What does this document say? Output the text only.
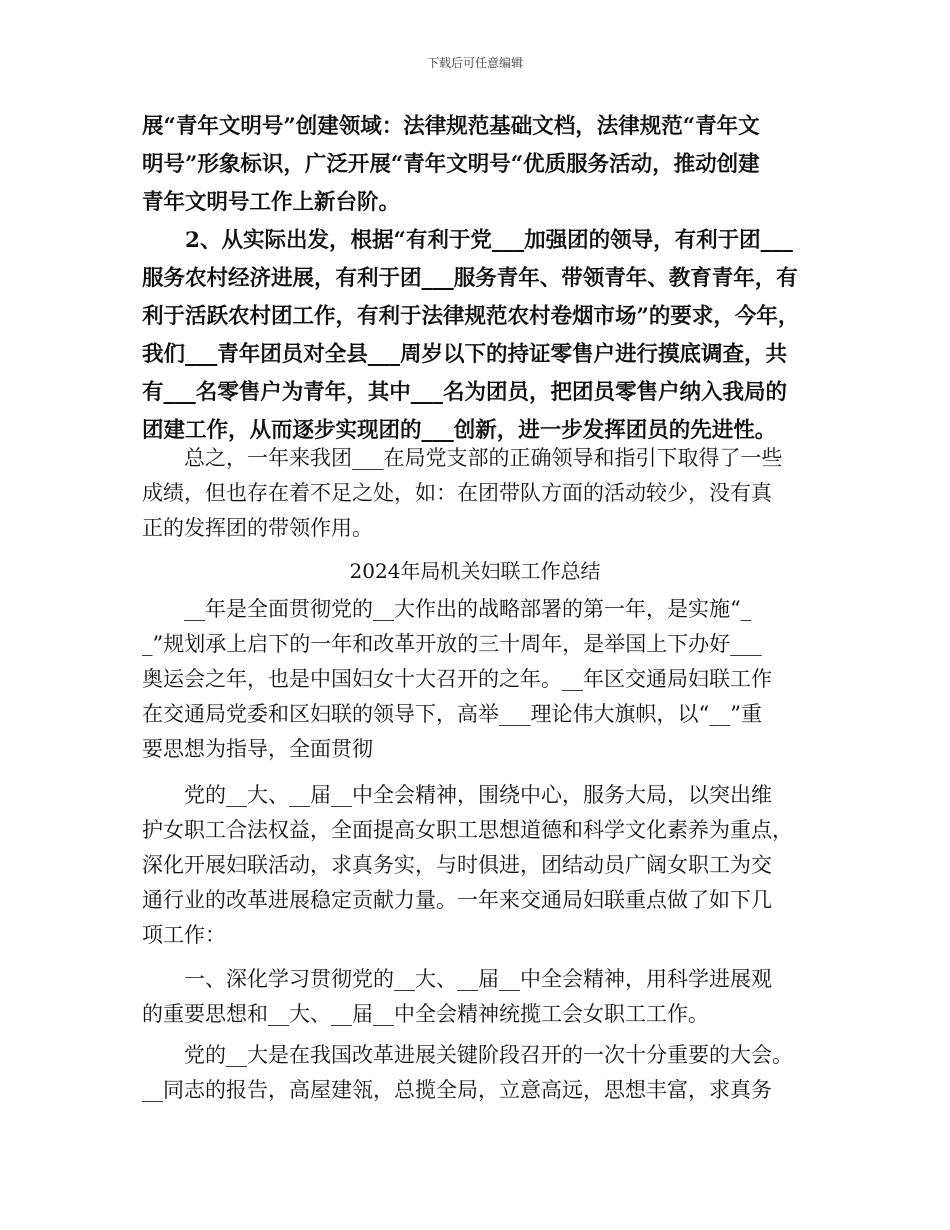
下载后可任意编辑
展“青年文明号”创建领域：法律规范基础文档，法律规范“青年文
明号”形象标识，广泛开展“青年文明号“优质服务活动，推动创建
青年文明号工作上新台阶。
　　2、从实际出发，根据“有利于党___加强团的领导，有利于团___
服务农村经济进展，有利于团___服务青年、带领青年、教育青年，有
利于活跃农村团工作，有利于法律规范农村卷烟市场”的要求，今年，
我们___青年团员对全县___周岁以下的持证零售户进行摸底调查，共
有___名零售户为青年，其中___名为团员，把团员零售户纳入我局的
团建工作，从而逐步实现团的___创新，进一步发挥团员的先进性。
　　总之，一年来我团___在局党支部的正确领导和指引下取得了一些
成绩，但也存在着不足之处，如：在团带队方面的活动较少，没有真
正的发挥团的带领作用。
2024年局机关妇联工作总结
　　__年是全面贯彻党的__大作出的战略部署的第一年，是实施“_
_”规划承上启下的一年和改革开放的三十周年，是举国上下办好___
奥运会之年，也是中国妇女十大召开的之年。__年区交通局妇联工作
在交通局党委和区妇联的领导下，高举___理论伟大旗帜，以“__”重
要思想为指导，全面贯彻
　　党的__大、__届__中全会精神，围绕中心，服务大局，以突出维
护女职工合法权益，全面提高女职工思想道德和科学文化素养为重点，
深化开展妇联活动，求真务实，与时俱进，团结动员广阔女职工为交
通行业的改革进展稳定贡献力量。一年来交通局妇联重点做了如下几
项工作：
　　一、深化学习贯彻党的__大、__届__中全会精神，用科学进展观
的重要思想和__大、__届__中全会精神统揽工会女职工工作。
　　党的__大是在我国改革进展关键阶段召开的一次十分重要的大会。
__同志的报告，高屋建瓴，总揽全局，立意高远，思想丰富，求真务
